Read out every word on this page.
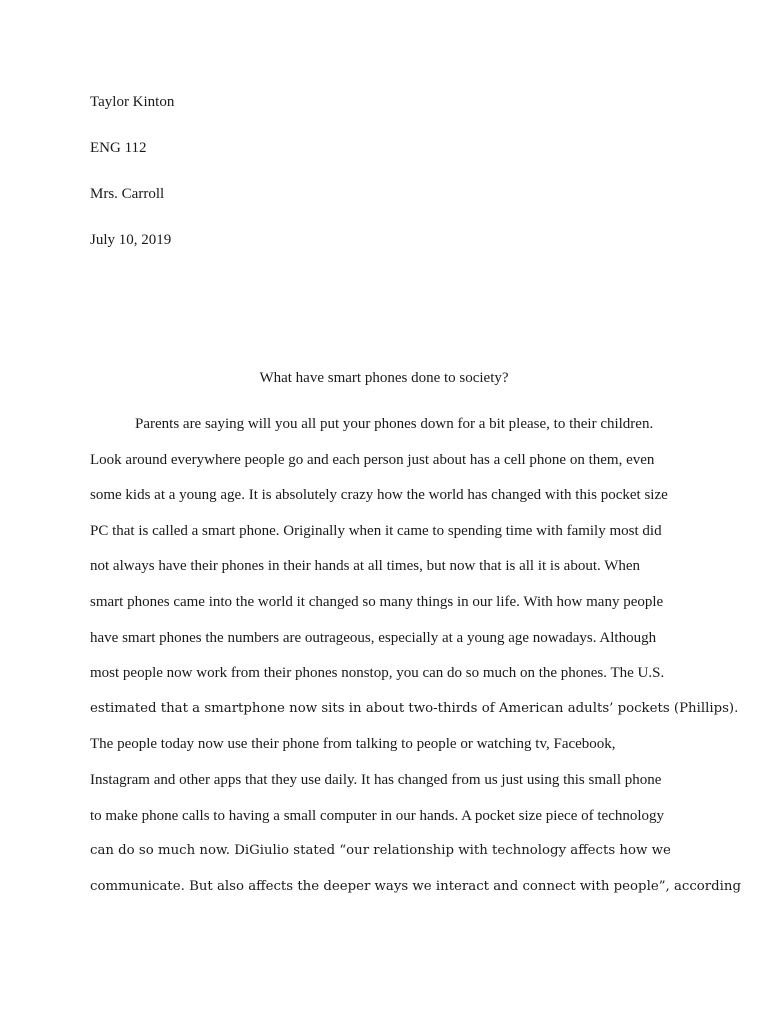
Taylor Kinton
ENG 112
Mrs. Carroll
July 10, 2019
What have smart phones done to society?
Parents are saying will you all put your phones down for a bit please, to their children.
Look around everywhere people go and each person just about has a cell phone on them, even
some kids at a young age. It is absolutely crazy how the world has changed with this pocket size
PC that is called a smart phone. Originally when it came to spending time with family most did
not always have their phones in their hands at all times, but now that is all it is about. When
smart phones came into the world it changed so many things in our life. With how many people
have smart phones the numbers are outrageous, especially at a young age nowadays. Although
most people now work from their phones nonstop, you can do so much on the phones. The U.S.
estimated that a smartphone now sits in about two-thirds of American adults’ pockets (Phillips).
The people today now use their phone from talking to people or watching tv, Facebook,
Instagram and other apps that they use daily. It has changed from us just using this small phone
to make phone calls to having a small computer in our hands. A pocket size piece of technology
can do so much now. DiGiulio stated “our relationship with technology affects how we
communicate. But also affects the deeper ways we interact and connect with people”, according
